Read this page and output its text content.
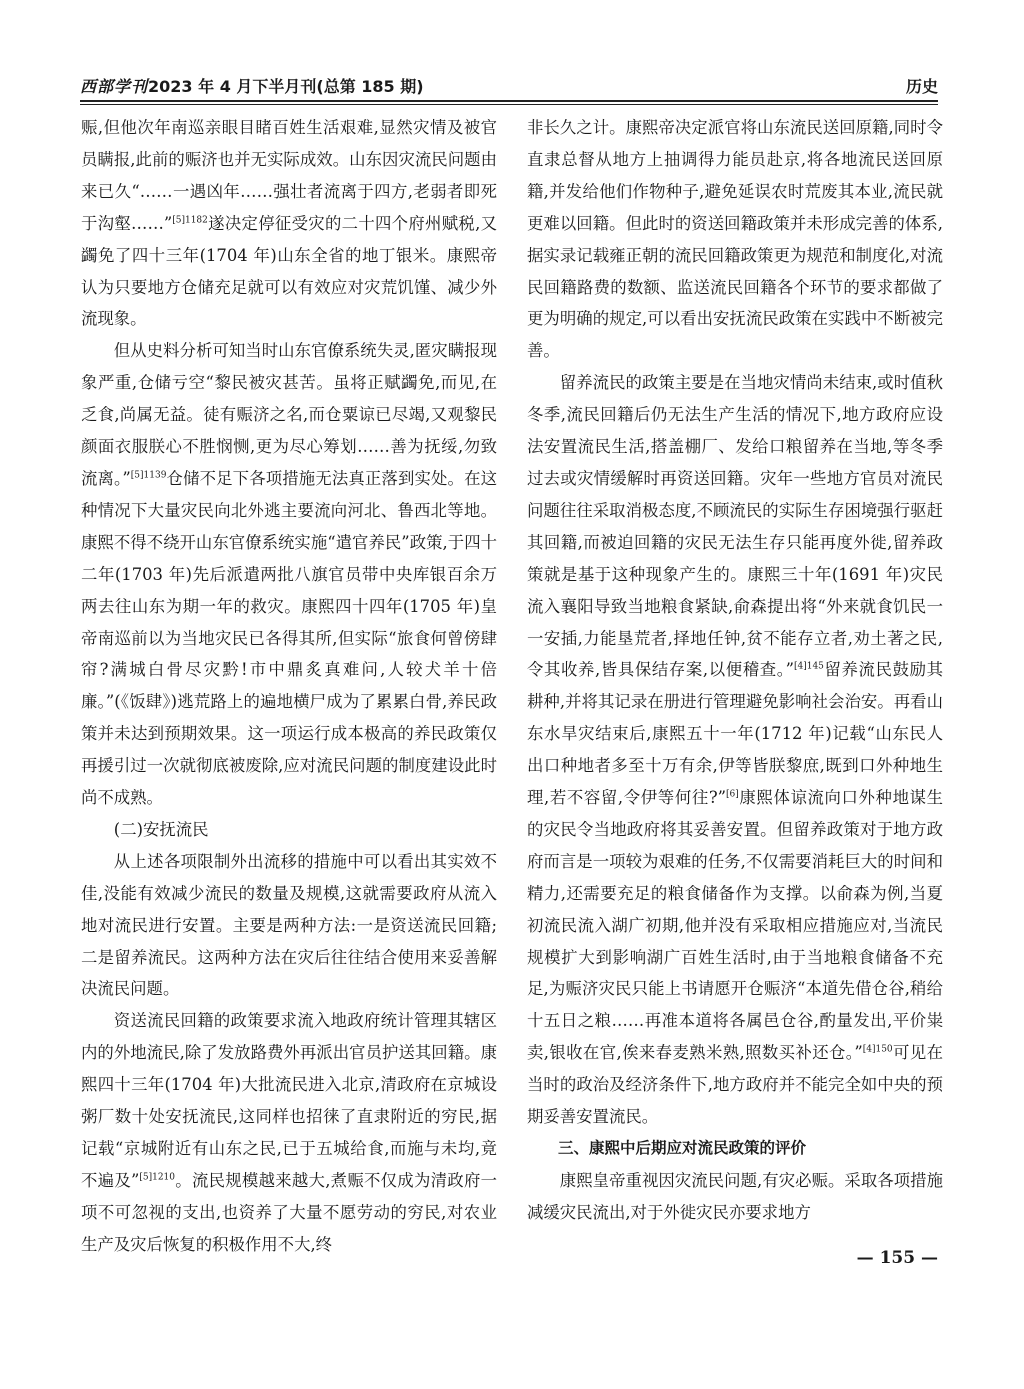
西部学刊2023 年 4 月下半月刊(总第 185 期)	历史

赈,但他次年南巡亲眼目睹百姓生活艰难,显然灾情及被官员瞒报,此前的赈济也并无实际成效。山东因灾流民问题由来已久“……一遇凶年……强壮者流离于四方,老弱者即死于沟壑……”$^{[5]1182}$遂决定停征受灾的二十四个府州赋税,又蠲免了四十三年(1704 年)山东全省的地丁银米。康熙帝认为只要地方仓储充足就可以有效应对灾荒饥馑、减少外流现象。

但从史料分析可知当时山东官僚系统失灵,匿灾瞒报现象严重,仓储亏空“黎民被灾甚苦。虽将正赋蠲免,而见,在乏食,尚属无益。徒有赈济之名,而仓粟谅已尽竭,又观黎民颜面衣服朕心不胜悯恻,更为尽心筹划……善为抚绥,勿致流离。”$^{[5]1139}$仓储不足下各项措施无法真正落到实处。在这种情况下大量灾民向北外逃主要流向河北、鲁西北等地。康熙不得不绕开山东官僚系统实施“遣官养民”政策,于四十二年(1703 年)先后派遣两批八旗官员带中央库银百余万两去往山东为期一年的救灾。康熙四十四年(1705 年)皇帝南巡前以为当地灾民已各得其所,但实际“旅食何曾傍肆帘?满城白骨尽灾黔!市中鼎炙真难问,人较犬羊十倍廉。”(《饭肆》)逃荒路上的遍地横尸成为了累累白骨,养民政策并未达到预期效果。这一项运行成本极高的养民政策仅再援引过一次就彻底被废除,应对流民问题的制度建设此时尚不成熟。

(二)安抚流民

从上述各项限制外出流移的措施中可以看出其实效不佳,没能有效减少流民的数量及规模,这就需要政府从流入地对流民进行安置。主要是两种方法:一是资送流民回籍;二是留养流民。这两种方法在灾后往往结合使用来妥善解决流民问题。

资送流民回籍的政策要求流入地政府统计管理其辖区内的外地流民,除了发放路费外再派出官员护送其回籍。康熙四十三年(1704 年)大批流民进入北京,清政府在京城设粥厂数十处安抚流民,这同样也招徕了直隶附近的穷民,据记载“京城附近有山东之民,已于五城给食,而施与未均,竟不遍及”$^{[5]1210}$。流民规模越来越大,煮赈不仅成为清政府一项不可忽视的支出,也资养了大量不愿劳动的穷民,对农业生产及灾后恢复的积极作用不大,终

非长久之计。康熙帝决定派官将山东流民送回原籍,同时令直隶总督从地方上抽调得力能员赴京,将各地流民送回原籍,并发给他们作物种子,避免延误农时荒废其本业,流民就更难以回籍。但此时的资送回籍政策并未形成完善的体系,据实录记载雍正朝的流民回籍政策更为规范和制度化,对流民回籍路费的数额、监送流民回籍各个环节的要求都做了更为明确的规定,可以看出安抚流民政策在实践中不断被完善。

留养流民的政策主要是在当地灾情尚未结束,或时值秋冬季,流民回籍后仍无法生产生活的情况下,地方政府应设法安置流民生活,搭盖棚厂、发给口粮留养在当地,等冬季过去或灾情缓解时再资送回籍。灾年一些地方官员对流民问题往往采取消极态度,不顾流民的实际生存困境强行驱赶其回籍,而被迫回籍的灾民无法生存只能再度外徙,留养政策就是基于这种现象产生的。康熙三十年(1691 年)灾民流入襄阳导致当地粮食紧缺,俞森提出将“外来就食饥民一一安插,力能垦荒者,择地任钟,贫不能存立者,劝土著之民,令其收养,皆具保结存案,以便稽查。”$^{[4]145}$留养流民鼓励其耕种,并将其记录在册进行管理避免影响社会治安。再看山东水旱灾结束后,康熙五十一年(1712 年)记载“山东民人出口种地者多至十万有余,伊等皆朕黎庶,既到口外种地生理,若不容留,令伊等何往?”[6]康熙体谅流向口外种地谋生的灾民令当地政府将其妥善安置。但留养政策对于地方政府而言是一项较为艰难的任务,不仅需要消耗巨大的时间和精力,还需要充足的粮食储备作为支撑。以俞森为例,当夏初流民流入湖广初期,他并没有采取相应措施应对,当流民规模扩大到影响湖广百姓生活时,由于当地粮食储备不充足,为赈济灾民只能上书请愿开仓赈济“本道先借仓谷,稍给十五日之粮……再准本道将各属邑仓谷,酌量发出,平价粜卖,银收在官,俟来春麦熟米熟,照数买补还仓。”$^{[4]150}$可见在当时的政治及经济条件下,地方政府并不能完全如中央的预期妥善安置流民。

三、康熙中后期应对流民政策的评价

康熙皇帝重视因灾流民问题,有灾必赈。采取各项措施减缓灾民流出,对于外徙灾民亦要求地方

— 155 —
